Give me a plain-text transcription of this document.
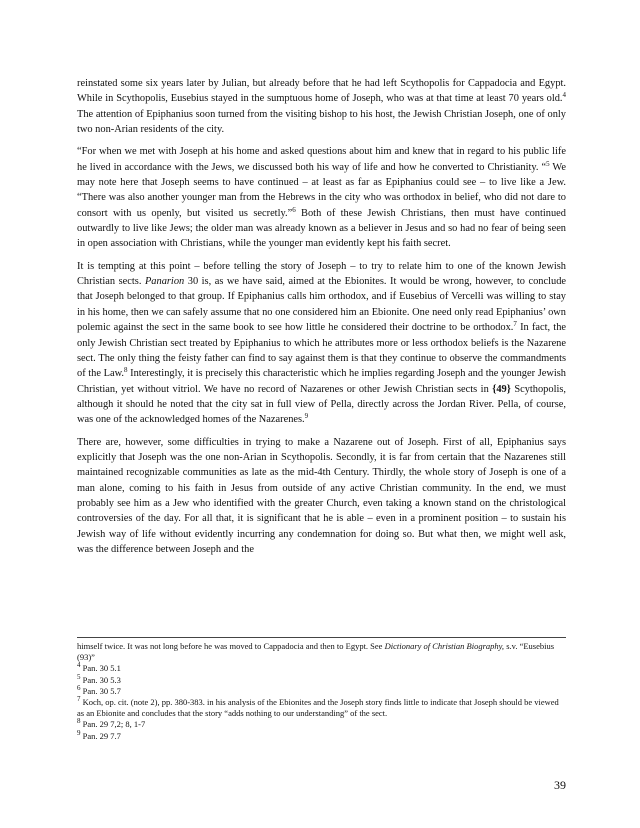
reinstated some six years later by Julian, but already before that he had left Scythopolis for Cappadocia and Egypt. While in Scythopolis, Eusebius stayed in the sumptuous home of Joseph, who was at that time at least 70 years old.$^4$ The attention of Epiphanius soon turned from the visiting bishop to his host, the Jewish Christian Joseph, one of only two non-Arian residents of the city.

“For when we met with Joseph at his home and asked questions about him and knew that in regard to his public life he lived in accordance with the Jews, we discussed both his way of life and how he converted to Christianity. “$^5$ We may note here that Joseph seems to have continued – at least as far as Epiphanius could see – to live like a Jew. “There was also another younger man from the Hebrews in the city who was orthodox in belief, who did not dare to consort with us openly, but visited us secretly.”$^6$ Both of these Jewish Christians, then must have continued outwardly to live like Jews; the older man was already known as a believer in Jesus and so had no fear of being seen in open association with Christians, while the younger man evidently kept his faith secret.

It is tempting at this point – before telling the story of Joseph – to try to relate him to one of the known Jewish Christian sects. Panarion 30 is, as we have said, aimed at the Ebionites. It would be wrong, however, to conclude that Joseph belonged to that group. If Epiphanius calls him orthodox, and if Eusebius of Vercelli was willing to stay in his home, then we can safely assume that no one considered him an Ebionite. One need only read Epiphanius’ own polemic against the sect in the same book to see how little he considered their doctrine to be orthodox.$^7$ In fact, the only Jewish Christian sect treated by Epiphanius to which he attributes more or less orthodox beliefs is the Nazarene sect. The only thing the feisty father can find to say against them is that they continue to observe the commandments of the Law.$^8$ Interestingly, it is precisely this characteristic which he implies regarding Joseph and the younger Jewish Christian, yet without vitriol. We have no record of Nazarenes or other Jewish Christian sects in {49} Scythopolis, although it should he noted that the city sat in full view of Pella, directly across the Jordan River. Pella, of course, was one of the acknowledged homes of the Nazarenes.$^9$

There are, however, some difficulties in trying to make a Nazarene out of Joseph. First of all, Epiphanius says explicitly that Joseph was the one non-Arian in Scythopolis. Secondly, it is far from certain that the Nazarenes still maintained recognizable communities as late as the mid-4th Century. Thirdly, the whole story of Joseph is one of a man alone, coming to his faith in Jesus from outside of any active Christian community. In the end, we must probably see him as a Jew who identified with the greater Church, even taking a known stand on the christological controversies of the day. For all that, it is significant that he is able – even in a prominent position – to sustain his Jewish way of life without evidently incurring any condemnation for doing so. But what then, we might well ask, was the difference between Joseph and the

himself twice. It was not long before he was moved to Cappadocia and then to Egypt. See Dictionary of Christian Biography, s.v. “Eusebius (93)”
$^4$ Pan. 30 5.1
$^5$ Pan. 30 5.3
$^6$ Pan. 30 5.7
$^7$ Koch, op. cit. (note 2), pp. 380-383. in his analysis of the Ebionites and the Joseph story finds little to indicate that Joseph should be viewed as an Ebionite and concludes that the story “adds nothing to our understanding” of the sect.
$^8$ Pan. 29 7,2; 8, 1-7
$^9$ Pan. 29 7.7
39
